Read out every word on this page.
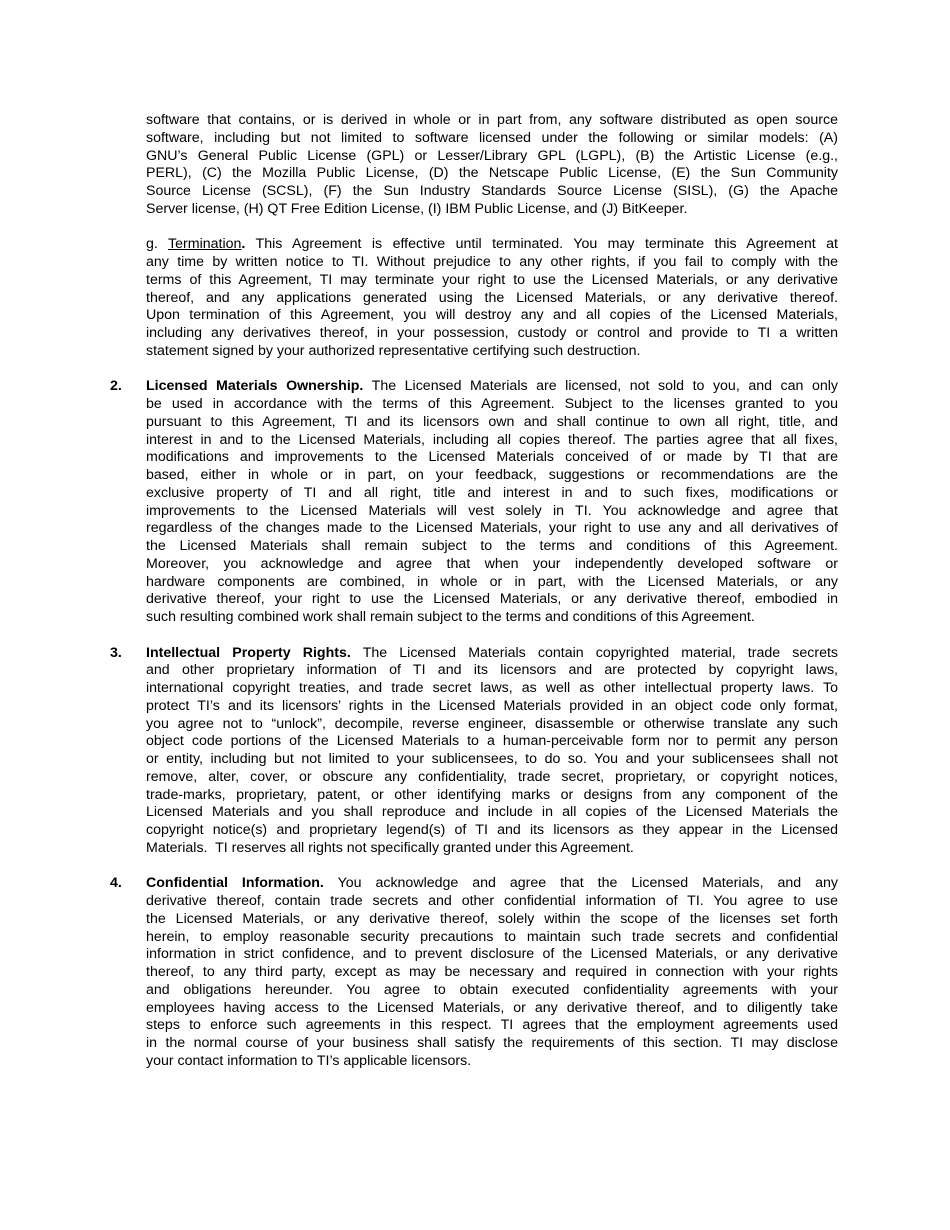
software that contains, or is derived in whole or in part from, any software distributed as open source
software, including but not limited to software licensed under the following or similar models: (A)
GNU’s General Public License (GPL) or Lesser/Library GPL (LGPL), (B) the Artistic License (e.g.,
PERL), (C) the Mozilla Public License, (D) the Netscape Public License, (E) the Sun Community
Source License (SCSL), (F) the Sun Industry Standards Source License (SISL), (G) the Apache
Server license, (H) QT Free Edition License, (I) IBM Public License, and (J) BitKeeper.
g. Termination. This Agreement is effective until terminated. You may terminate this Agreement at
any time by written notice to TI. Without prejudice to any other rights, if you fail to comply with the
terms of this Agreement, TI may terminate your right to use the Licensed Materials, or any derivative
thereof, and any applications generated using the Licensed Materials, or any derivative thereof.
Upon termination of this Agreement, you will destroy any and all copies of the Licensed Materials,
including any derivatives thereof, in your possession, custody or control and provide to TI a written
statement signed by your authorized representative certifying such destruction.
2. Licensed Materials Ownership. The Licensed Materials are licensed, not sold to you, and can only
be used in accordance with the terms of this Agreement. Subject to the licenses granted to you
pursuant to this Agreement, TI and its licensors own and shall continue to own all right, title, and
interest in and to the Licensed Materials, including all copies thereof. The parties agree that all fixes,
modifications and improvements to the Licensed Materials conceived of or made by TI that are
based, either in whole or in part, on your feedback, suggestions or recommendations are the
exclusive property of TI and all right, title and interest in and to such fixes, modifications or
improvements to the Licensed Materials will vest solely in TI. You acknowledge and agree that
regardless of the changes made to the Licensed Materials, your right to use any and all derivatives of
the Licensed Materials shall remain subject to the terms and conditions of this Agreement.
Moreover, you acknowledge and agree that when your independently developed software or
hardware components are combined, in whole or in part, with the Licensed Materials, or any
derivative thereof, your right to use the Licensed Materials, or any derivative thereof, embodied in
such resulting combined work shall remain subject to the terms and conditions of this Agreement.
3. Intellectual Property Rights. The Licensed Materials contain copyrighted material, trade secrets
and other proprietary information of TI and its licensors and are protected by copyright laws,
international copyright treaties, and trade secret laws, as well as other intellectual property laws. To
protect TI’s and its licensors’ rights in the Licensed Materials provided in an object code only format,
you agree not to “unlock”, decompile, reverse engineer, disassemble or otherwise translate any such
object code portions of the Licensed Materials to a human-perceivable form nor to permit any person
or entity, including but not limited to your sublicensees, to do so. You and your sublicensees shall not
remove, alter, cover, or obscure any confidentiality, trade secret, proprietary, or copyright notices,
trade-marks, proprietary, patent, or other identifying marks or designs from any component of the
Licensed Materials and you shall reproduce and include in all copies of the Licensed Materials the
copyright notice(s) and proprietary legend(s) of TI and its licensors as they appear in the Licensed
Materials.  TI reserves all rights not specifically granted under this Agreement.
4. Confidential Information. You acknowledge and agree that the Licensed Materials, and any
derivative thereof, contain trade secrets and other confidential information of TI. You agree to use
the Licensed Materials, or any derivative thereof, solely within the scope of the licenses set forth
herein, to employ reasonable security precautions to maintain such trade secrets and confidential
information in strict confidence, and to prevent disclosure of the Licensed Materials, or any derivative
thereof, to any third party, except as may be necessary and required in connection with your rights
and obligations hereunder. You agree to obtain executed confidentiality agreements with your
employees having access to the Licensed Materials, or any derivative thereof, and to diligently take
steps to enforce such agreements in this respect. TI agrees that the employment agreements used
in the normal course of your business shall satisfy the requirements of this section. TI may disclose
your contact information to TI’s applicable licensors.
